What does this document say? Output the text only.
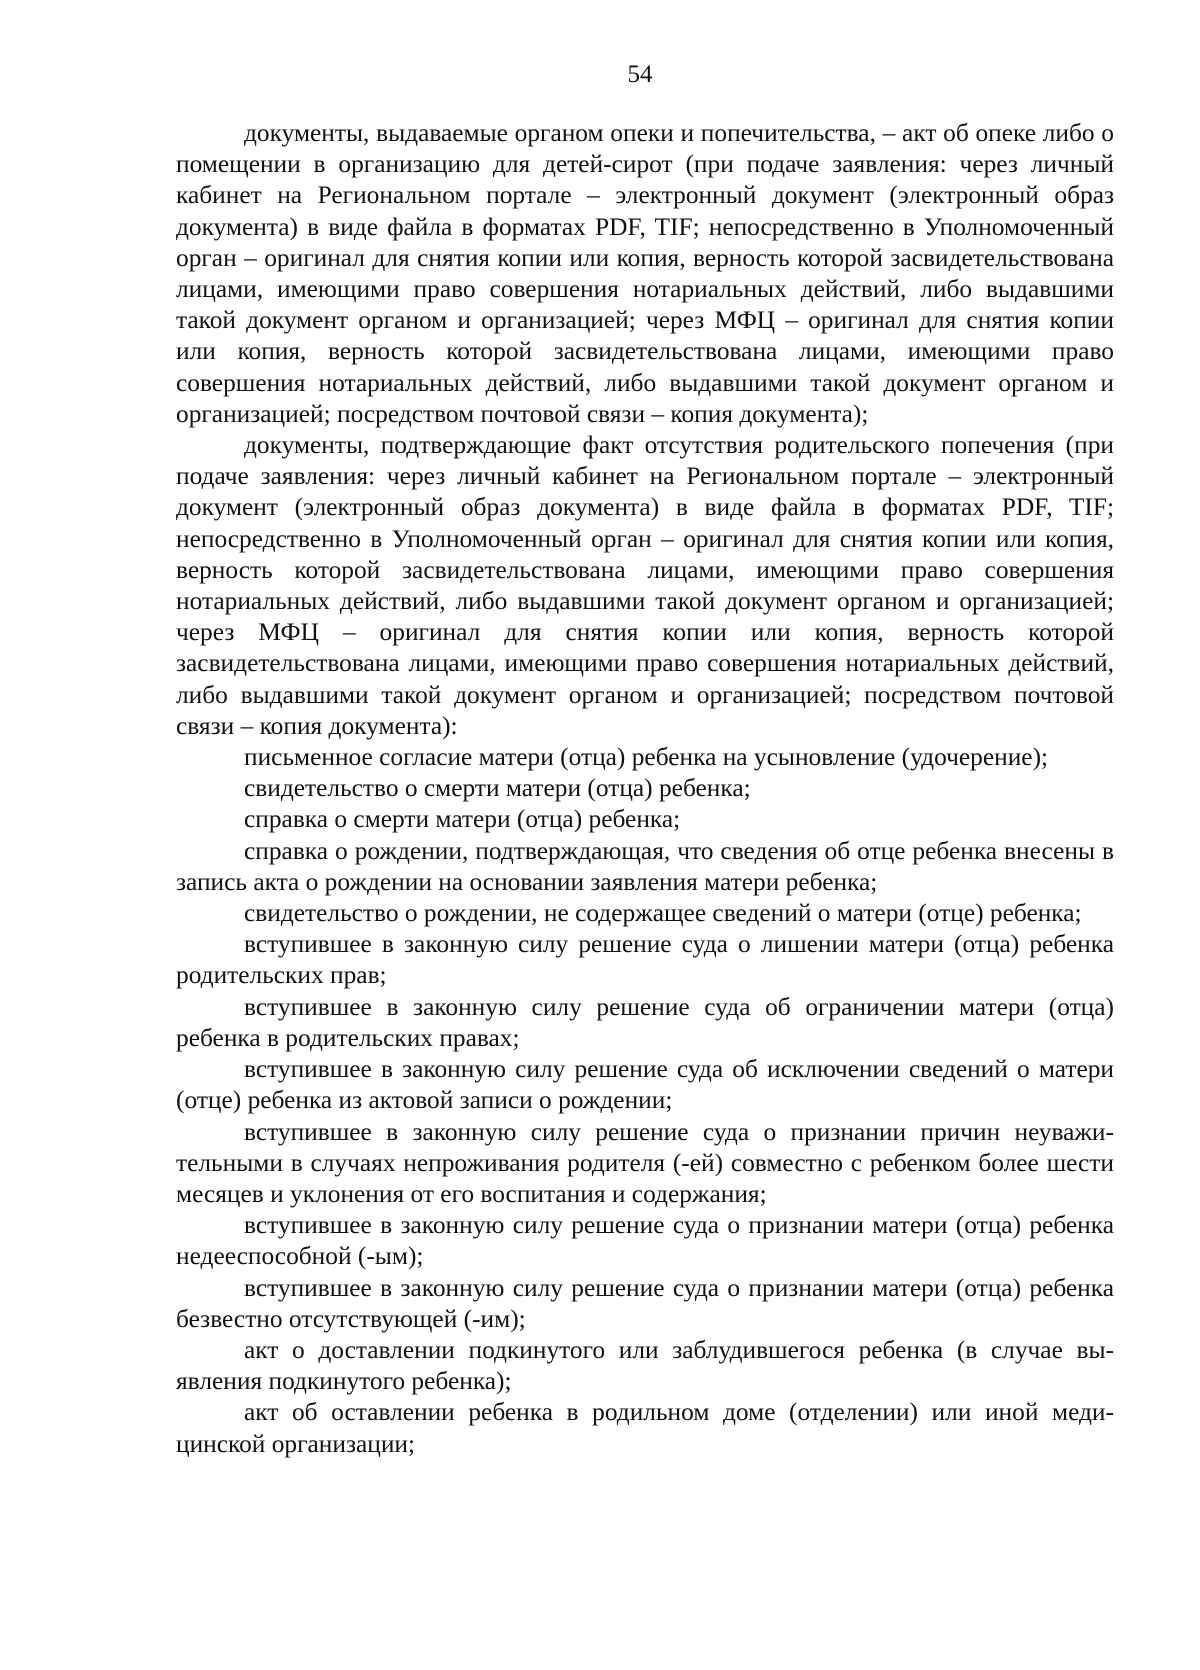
54

документы, выдаваемые органом опеки и попечительства, – акт об опеке либо о помещении в организацию для детей-сирот (при подаче заявления: через личный кабинет на Региональном портале – электронный документ (электронный образ документа) в виде файла в форматах PDF, TIF; непосредственно в Уполномоченный орган – оригинал для снятия копии или копия, верность которой засвидетельствована лицами, имеющими право совершения нотариальных действий, либо выдавшими такой документ органом и организацией; через МФЦ – оригинал для снятия копии или копия, верность которой засвидетельствована лицами, имеющими право совершения нотариальных действий, либо выдавшими такой документ органом и организацией; посредством почтовой связи – копия документа);

документы, подтверждающие факт отсутствия родительского попечения (при подаче заявления: через личный кабинет на Региональном портале – электронный документ (электронный образ документа) в виде файла в форматах PDF, TIF; непосредственно в Уполномоченный орган – оригинал для снятия копии или копия, верность которой засвидетельствована лицами, имеющими право совершения нотариальных действий, либо выдавшими такой документ органом и организацией; через МФЦ – оригинал для снятия копии или копия, верность которой засвидетельствована лицами, имеющими право совершения нотариальных действий, либо выдавшими такой документ органом и организацией; посредством почтовой связи – копия документа):

письменное согласие матери (отца) ребенка на усыновление (удочерение);

свидетельство о смерти матери (отца) ребенка;

справка о смерти матери (отца) ребенка;

справка о рождении, подтверждающая, что сведения об отце ребенка внесены в запись акта о рождении на основании заявления матери ребенка;

свидетельство о рождении, не содержащее сведений о матери (отце) ребенка;

вступившее в законную силу решение суда о лишении матери (отца) ребенка родительских прав;

вступившее в законную силу решение суда об ограничении матери (отца) ребенка в родительских правах;

вступившее в законную силу решение суда об исключении сведений о матери (отце) ребенка из актовой записи о рождении;

вступившее в законную силу решение суда о признании причин неуважительными в случаях непроживания родителя (-ей) совместно с ребенком более шести месяцев и уклонения от его воспитания и содержания;

вступившее в законную силу решение суда о признании матери (отца) ребенка недееспособной (-ым);

вступившее в законную силу решение суда о признании матери (отца) ребенка безвестно отсутствующей (-им);

акт о доставлении подкинутого или заблудившегося ребенка (в случае выявления подкинутого ребенка);

акт об оставлении ребенка в родильном доме (отделении) или иной медицинской организации;
